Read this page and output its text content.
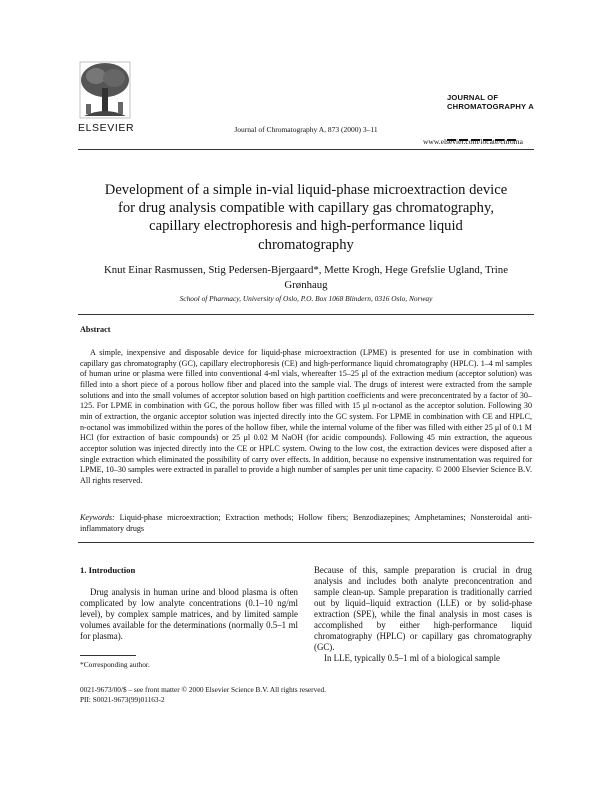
ELSEVIER	Journal of Chromatography A, 873 (2000) 3–11
JOURNAL OF
CHROMATOGRAPHY A
www.elsevier.com/locate/chroma
Development of a simple in-vial liquid-phase microextraction device for drug analysis compatible with capillary gas chromatography, capillary electrophoresis and high-performance liquid chromatography
Knut Einar Rasmussen, Stig Pedersen-Bjergaard*, Mette Krogh, Hege Grefslie Ugland, Trine Grønhaug
School of Pharmacy, University of Oslo, P.O. Box 1068 Blindern, 0316 Oslo, Norway
Abstract
A simple, inexpensive and disposable device for liquid-phase microextraction (LPME) is presented for use in combination with capillary gas chromatography (GC), capillary electrophoresis (CE) and high-performance liquid chromatography (HPLC). 1–4 ml samples of human urine or plasma were filled into conventional 4-ml vials, whereafter 15–25 μl of the extraction medium (acceptor solution) was filled into a short piece of a porous hollow fiber and placed into the sample vial. The drugs of interest were extracted from the sample solutions and into the small volumes of acceptor solution based on high partition coefficients and were preconcentrated by a factor of 30–125. For LPME in combination with GC, the porous hollow fiber was filled with 15 μl n-octanol as the acceptor solution. Following 30 min of extraction, the organic acceptor solution was injected directly into the GC system. For LPME in combination with CE and HPLC, n-octanol was immobilized within the pores of the hollow fiber, while the internal volume of the fiber was filled with either 25 μl of 0.1 M HCl (for extraction of basic compounds) or 25 μl 0.02 M NaOH (for acidic compounds). Following 45 min extraction, the aqueous acceptor solution was injected directly into the CE or HPLC system. Owing to the low cost, the extraction devices were disposed after a single extraction which eliminated the possibility of carry over effects. In addition, because no expensive instrumentation was required for LPME, 10–30 samples were extracted in parallel to provide a high number of samples per unit time capacity. © 2000 Elsevier Science B.V. All rights reserved.
Keywords: Liquid-phase microextraction; Extraction methods; Hollow fibers; Benzodiazepines; Amphetamines; Nonsteroidal anti-inflammatory drugs
1. Introduction
Drug analysis in human urine and blood plasma is often complicated by low analyte concentrations (0.1–10 ng/ml level), by complex sample matrices, and by limited sample volumes available for the determinations (normally 0.5–1 ml for plasma).

Because of this, sample preparation is crucial in drug analysis and includes both analyte preconcentration and sample clean-up. Sample preparation is traditionally carried out by liquid–liquid extraction (LLE) or by solid-phase extraction (SPE), while the final analysis in most cases is accomplished by either high-performance liquid chromatography (HPLC) or capillary gas chromatography (GC).

In LLE, typically 0.5–1 ml of a biological sample

*Corresponding author.
0021-9673/00/$ – see front matter © 2000 Elsevier Science B.V. All rights reserved.
PII: S0021-9673(99)01163-2
